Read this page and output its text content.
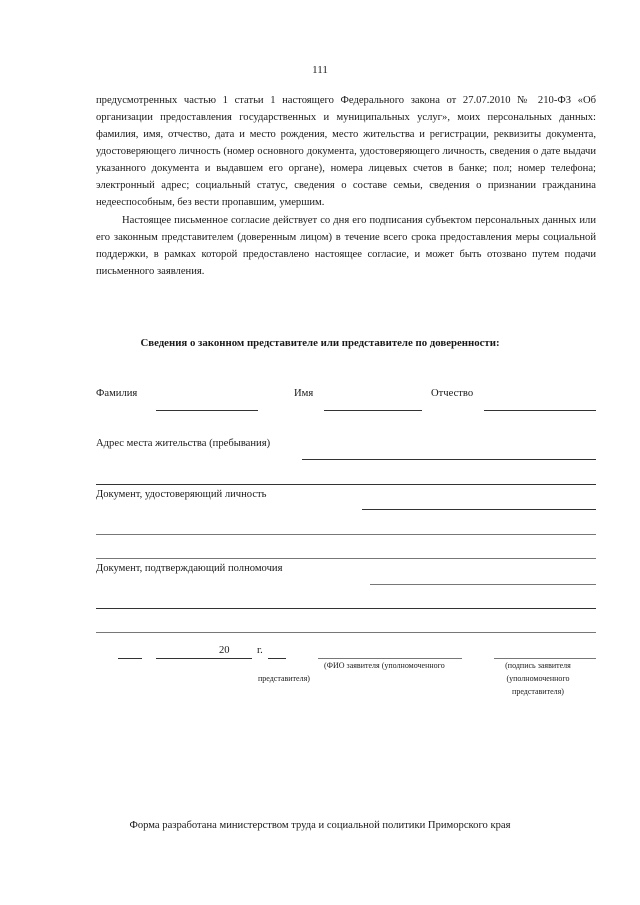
111

предусмотренных частью 1 статьи 1 настоящего Федерального закона от 27.07.2010 № 210-ФЗ «Об организации предоставления государственных и муниципальных услуг», моих персональных данных: фамилия, имя, отчество, дата и место рождения, место жительства и регистрации, реквизиты документа, удостоверяющего личность (номер основного документа, удостоверяющего личность, сведения о дате выдачи указанного документа и выдавшем его органе), номера лицевых счетов в банке; пол; номер телефона; электронный адрес; социальный статус, сведения о составе семьи, сведения о признании гражданина недееспособным, без вести пропавшим, умершим.

Настоящее письменное согласие действует со дня его подписания субъектом персональных данных или его законным представителем (доверенным лицом) в течение всего срока предоставления меры социальной поддержки, в рамках которой предоставлено настоящее согласие, и может быть отозвано путем подачи письменного заявления.

Сведения о законном представителе или представителе по доверенности:
Фамилия	Имя	Отчество
Адрес места жительства (пребывания)
Документ, удостоверяющий личность
Документ, подтверждающий полномочия
20	г.
(ФИО заявителя (уполномоченного
представителя)
(подпись заявителя
(уполномоченного
представителя)
Форма разработана министерством труда и социальной политики Приморского края
